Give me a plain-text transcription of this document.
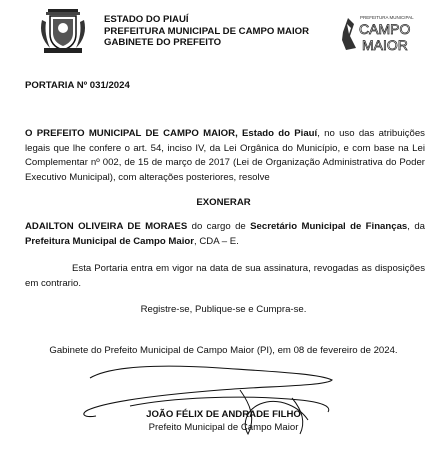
ESTADO DO PIAUÍ
PREFEITURA MUNICIPAL DE CAMPO MAIOR
GABINETE DO PREFEITO
PREFEITURA MUNICIPAL
CAMPO
MAIOR
PORTARIA Nº 031/2024
O PREFEITO MUNICIPAL DE CAMPO MAIOR, Estado do Piauí, no uso das atribuições legais que lhe confere o art. 54, inciso IV, da Lei Orgânica do Município, e com base na Lei Complementar nº 002, de 15 de março de 2017 (Lei de Organização Administrativa do Poder Executivo Municipal), com alterações posteriores, resolve
EXONERAR
ADAILTON OLIVEIRA DE MORAES do cargo de Secretário Municipal de Finanças, da Prefeitura Municipal de Campo Maior, CDA – E.
Esta Portaria entra em vigor na data de sua assinatura, revogadas as disposições em contrario.
Registre-se, Publique-se e Cumpra-se.
Gabinete do Prefeito Municipal de Campo Maior (PI), em 08 de fevereiro de 2024.
JOÃO FÉLIX DE ANDRADE FILHO
Prefeito Municipal de Campo Maior
